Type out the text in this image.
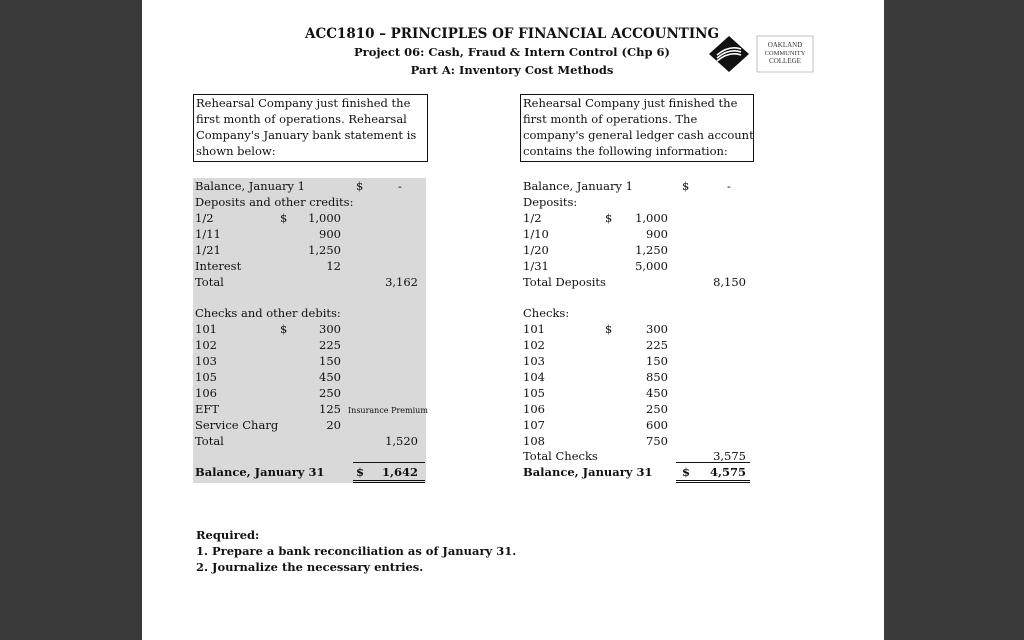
ACC1810 – PRINCIPLES OF FINANCIAL ACCOUNTING
Project 06: Cash, Fraud & Intern Control (Chp 6)
Part A: Inventory Cost Methods
OAKLAND
COMMUNITY
COLLEGE
Rehearsal Company just finished the
first month of operations. Rehearsal
Company's January bank statement is
shown below:
Rehearsal Company just finished the
first month of operations. The
company's general ledger cash account
contains the following information:
Balance, January 1	$	-
Deposits and other credits:
1/2	$	1,000
1/11	900
1/21	1,250
Interest	12
Total	3,162
Checks and other debits:
101	$	300
102	225
103	150
105	450
106	250
EFT	125 Insurance Premium
Service Charg	20
Total	1,520
Balance, January 31	$	1,642
Balance, January 1	$	-
Deposits:
1/2	$	1,000
1/10	900
1/20	1,250
1/31	5,000
Total Deposits	8,150
Checks:
101	$	300
102	225
103	150
104	850
105	450
106	250
107	600
108	750
Total Checks	3,575
Balance, January 31	$	4,575
Required:
1. Prepare a bank reconciliation as of January 31.
2. Journalize the necessary entries.
